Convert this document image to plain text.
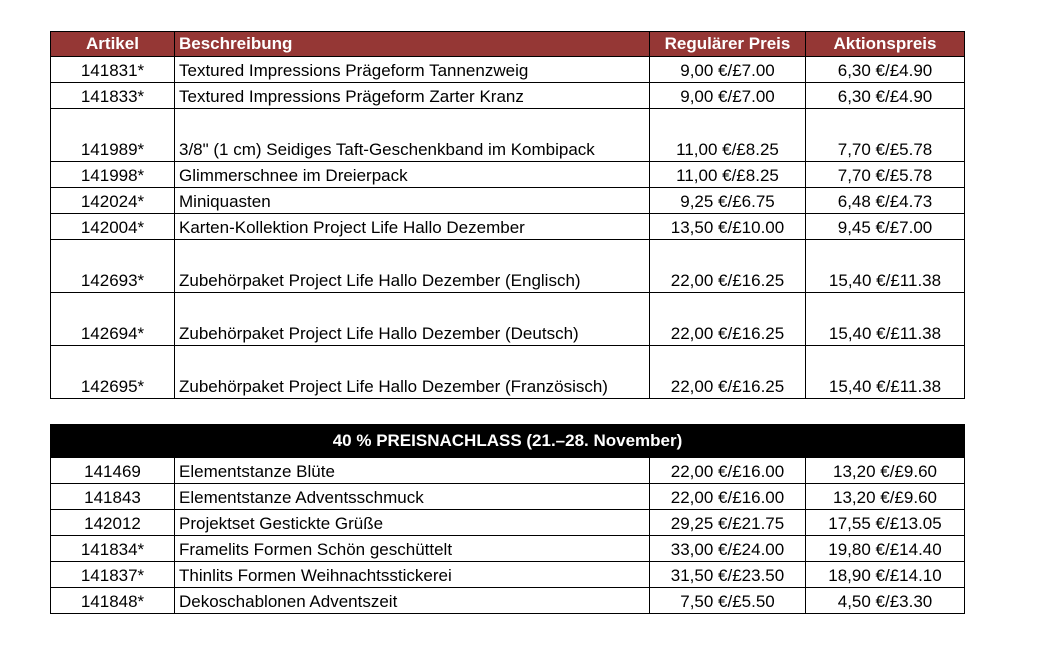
Artikel	Beschreibung	Regulärer Preis	Aktionspreis
141831*	Textured Impressions Prägeform Tannenzweig	9,00 €/£7.00	6,30 €/£4.90
141833*	Textured Impressions Prägeform Zarter Kranz	9,00 €/£7.00	6,30 €/£4.90
141989*	3/8" (1 cm) Seidiges Taft-Geschenkband im Kombipack	11,00 €/£8.25	7,70 €/£5.78
141998*	Glimmerschnee im Dreierpack	11,00 €/£8.25	7,70 €/£5.78
142024*	Miniquasten	9,25 €/£6.75	6,48 €/£4.73
142004*	Karten-Kollektion Project Life Hallo Dezember	13,50 €/£10.00	9,45 €/£7.00
142693*	Zubehörpaket Project Life Hallo Dezember (Englisch)	22,00 €/£16.25	15,40 €/£11.38
142694*	Zubehörpaket Project Life Hallo Dezember (Deutsch)	22,00 €/£16.25	15,40 €/£11.38
142695*	Zubehörpaket Project Life Hallo Dezember (Französisch)	22,00 €/£16.25	15,40 €/£11.38
40 % PREISNACHLASS (21.–28. November)			
141469	Elementstanze Blüte	22,00 €/£16.00	13,20 €/£9.60
141843	Elementstanze Adventsschmuck	22,00 €/£16.00	13,20 €/£9.60
142012	Projektset Gestickte Grüße	29,25 €/£21.75	17,55 €/£13.05
141834*	Framelits Formen Schön geschüttelt	33,00 €/£24.00	19,80 €/£14.40
141837*	Thinlits Formen Weihnachtsstickerei	31,50 €/£23.50	18,90 €/£14.10
141848*	Dekoschablonen Adventszeit	7,50 €/£5.50	4,50 €/£3.30
